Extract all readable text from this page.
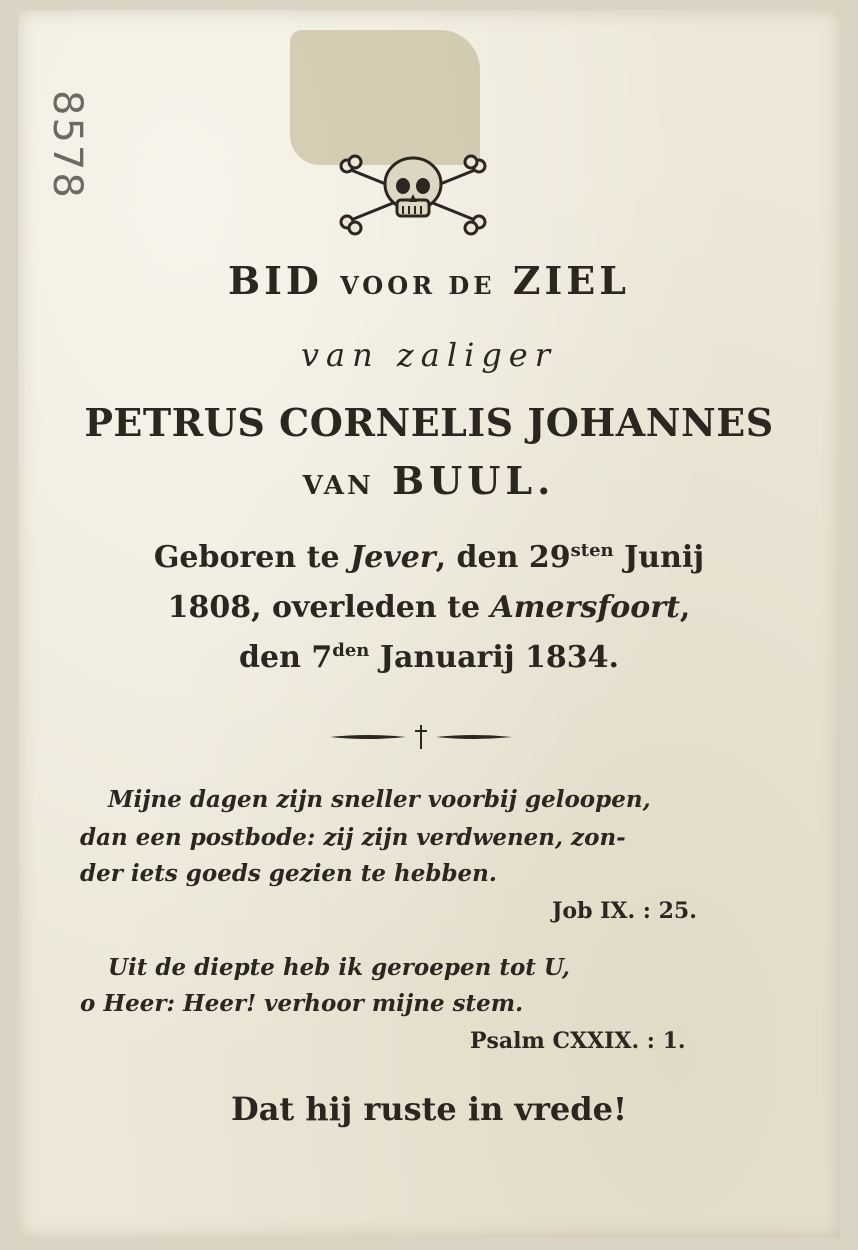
8578
BID VOOR DE ZIEL
van zaliger
PETRUS CORNELIS JOHANNES
VAN BUUL.
Geboren te Jever, den $29^{sten}$ Junij
1808, overleden te Amersfoort,
den $7^{den}$ Januarij 1834.
Mijne dagen zijn sneller voorbij geloopen,
dan een postbode: zij zijn verdwenen, zon-
der iets goeds gezien te hebben.
Job IX. : 25.
Uit de diepte heb ik geroepen tot U,
o Heer: Heer! verhoor mijne stem.
Psalm CXXIX. : 1.
Dat hij ruste in vrede!
